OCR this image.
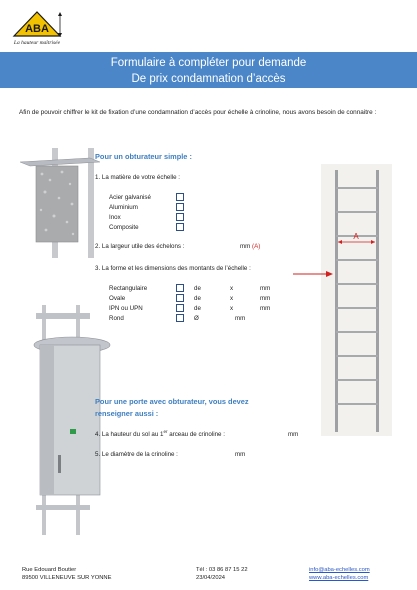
ABA
La hauteur maîtrisée
Formulaire à compléter pour demande
De prix condamnation d’accès
Afin de pouvoir chiffrer le kit de fixation d’une condamnation d’accès pour échelle à crinoline, nous avons besoin de connaitre :
A
Pour un obturateur simple :
1. La matière de votre échelle :
Acier galvanisé
Aluminium
Inox
Composite
2. La largeur utile des échelons :	mm (A)
3. La forme et les dimensions des montants de l’échelle :
Rectangulaire	de	x	mm
Ovale	de	x	mm
IPN ou UPN	de	x	mm
Rond	Ø	mm
Pour une porte avec obturateur, vous devez
renseigner aussi :
4. La hauteur du sol au 1er arceau de crinoline :	mm
5. Le diamètre de la crinoline :	mm
Rue Edouard Boutier
89500 VILLENEUVE SUR YONNE
Tél : 03 86 87 15 22
23/04/2024
info@aba-echelles.com
www.aba-echelles.com
